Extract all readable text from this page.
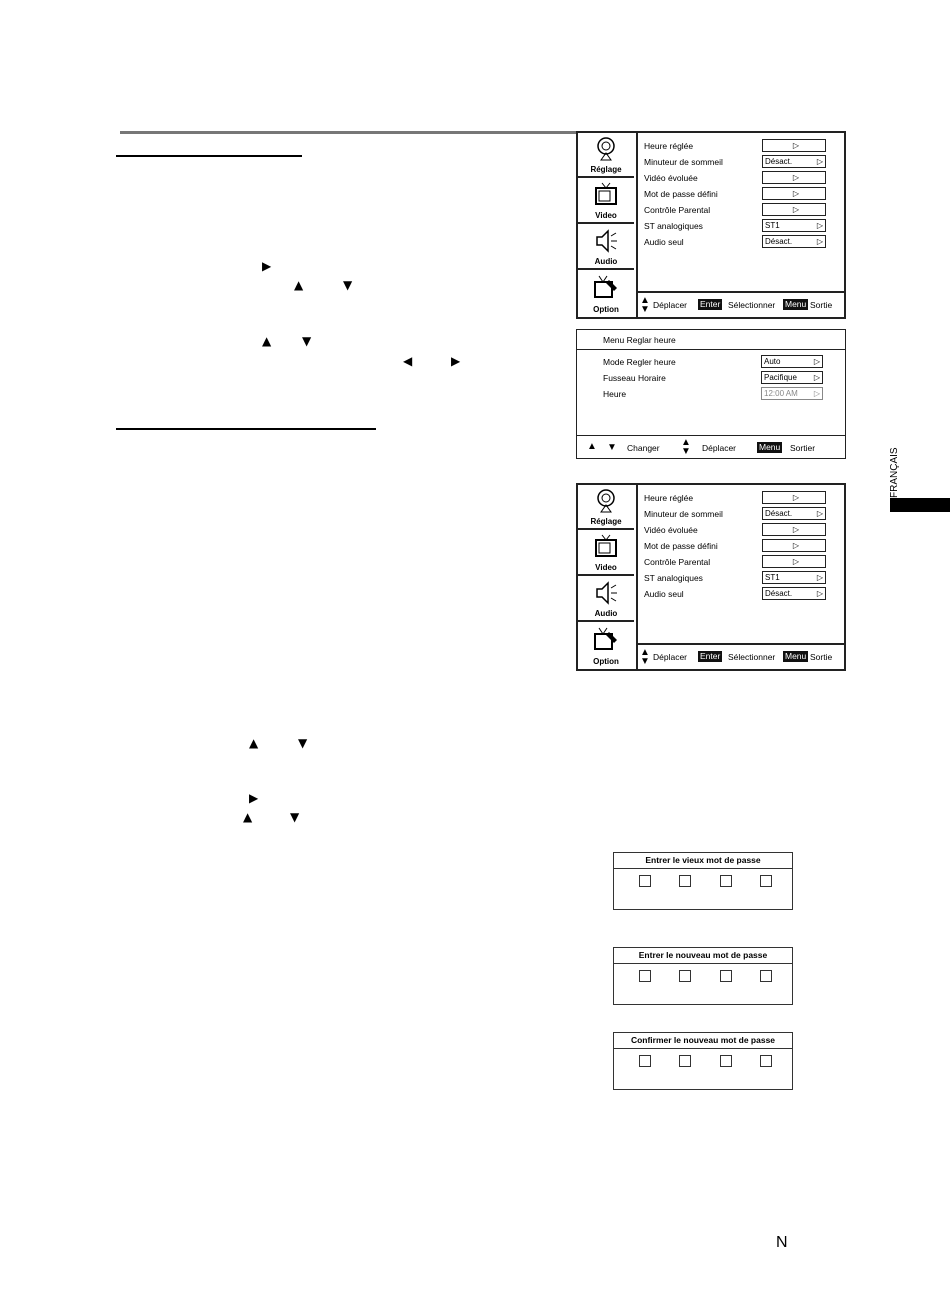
▶
▲	▼
▲	▼
◀	▶
▲	▼
▶
▲	▼
Réglage
Video
Audio
Option
Heure réglée	▷
Minuteur de sommeil	Désact.	▷
Vidéo évoluée	▷
Mot de passe défini	▷
Contrôle Parental	▷
ST analogiques	ST1	▷
Audio seul	Désact.	▷
▲
▼ Déplacer Enter Sélectionner Menu Sortie
Menu Reglar heure
Mode Regler heure	Auto	▷
Fusseau Horaire	Pacifique ▷
Heure	12:00 AM ▷
▲ ▼ Changer ▲
▼ Déplacer	Menu Sortier
Réglage
Video
Audio
Option
Heure réglée	▷
Minuteur de sommeil	Désact.	▷
Vidéo évoluée	▷
Mot de passe défini	▷
Contrôle Parental	▷
ST analogiques	ST1	▷
Audio seul	Désact.	▷
▲
▼ Déplacer Enter Sélectionner Menu Sortie
Entrer le vieux mot de passe
Entrer le nouveau mot de passe
Confirmer le nouveau mot de passe
FRANÇAIS
N
